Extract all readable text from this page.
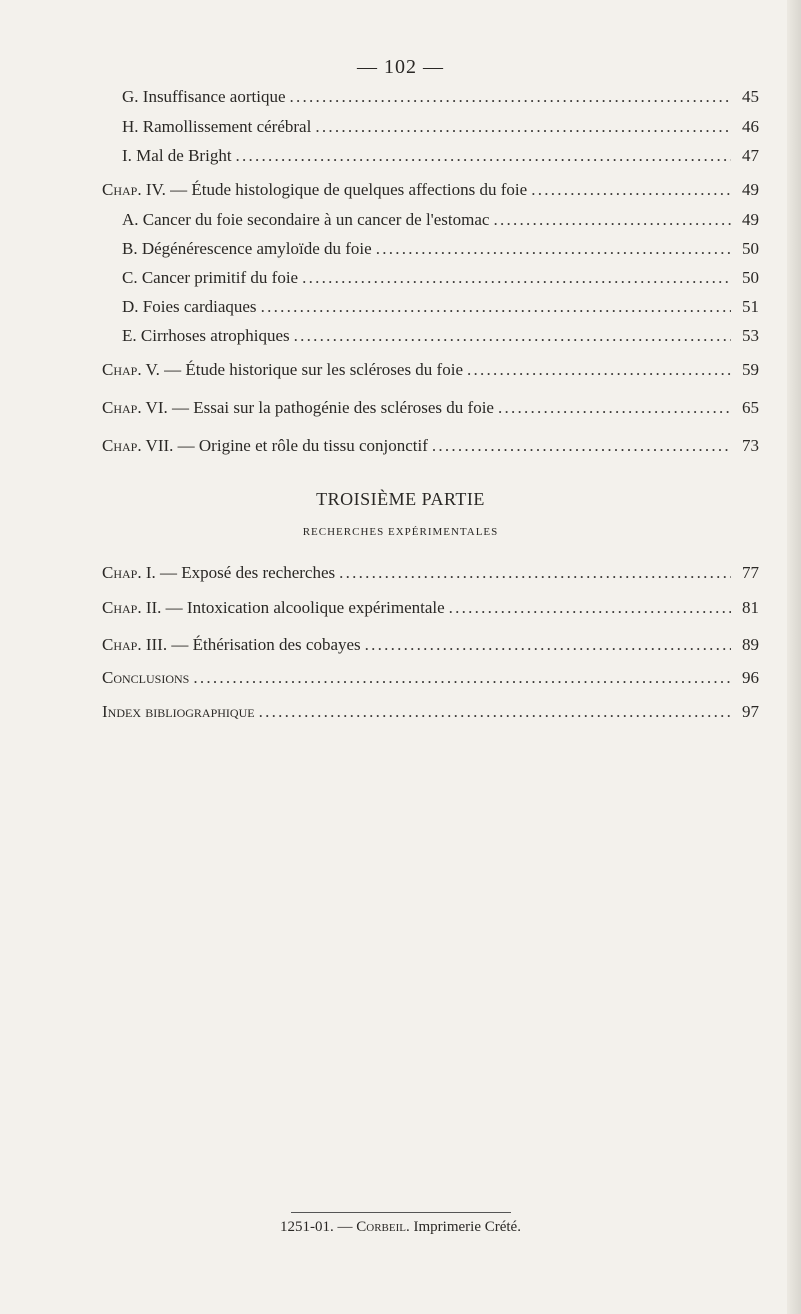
— 102 —
G. Insuffisance aortique . . .	45
H. Ramollissement cérébral . . .	46
I. Mal de Bright . . .	47
Chap. IV. — Étude histologique de quelques affections du foie . . .	49
A. Cancer du foie secondaire à un cancer de l'estomac . . .	49
B. Dégénérescence amyloïde du foie . . .	50
C. Cancer primitif du foie . . .	50
D. Foies cardiaques . . .	51
E. Cirrhoses atrophiques . . .	53
Chap. V. — Étude historique sur les scléroses du foie . . .	59
Chap. VI. — Essai sur la pathogénie des scléroses du foie . . .	65
Chap. VII. — Origine et rôle du tissu conjonctif . . .	73
TROISIÈME PARTIE
RECHERCHES EXPÉRIMENTALES
Chap. I. — Exposé des recherches . . .	77
Chap. II. — Intoxication alcoolique expérimentale . . .	81
Chap. III. — Éthérisation des cobayes . . .	89
Conclusions . . .	96
Index bibliographique . . .	97
1251-01. — Corbeil. Imprimerie Crété.
